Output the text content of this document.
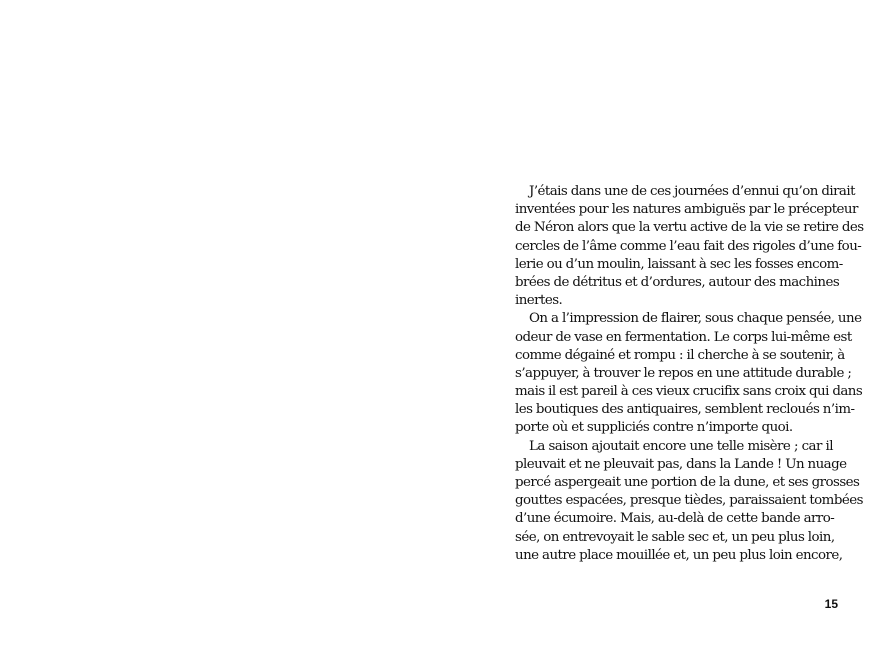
J’étais dans une de ces journées d’ennui qu’on dirait
inventées pour les natures ambiguës par le précepteur
de Néron alors que la vertu active de la vie se retire des
cercles de l’âme comme l’eau fait des rigoles d’une fou-
lerie ou d’un moulin, laissant à sec les fosses encom-
brées de détritus et d’ordures, autour des machines
inertes.
On a l’impression de flairer, sous chaque pensée, une
odeur de vase en fermentation. Le corps lui-même est
comme dégainé et rompu : il cherche à se soutenir, à
s’appuyer, à trouver le repos en une attitude durable ;
mais il est pareil à ces vieux crucifix sans croix qui dans
les boutiques des antiquaires, semblent recloués n’im-
porte où et suppliciés contre n’importe quoi.
La saison ajoutait encore une telle misère ; car il
pleuvait et ne pleuvait pas, dans la Lande ! Un nuage
percé aspergeait une portion de la dune, et ses grosses
gouttes espacées, presque tièdes, paraissaient tombées
d’une écumoire. Mais, au-delà de cette bande arro-
sée, on entrevoyait le sable sec et, un peu plus loin,
une autre place mouillée et, un peu plus loin encore,
15
